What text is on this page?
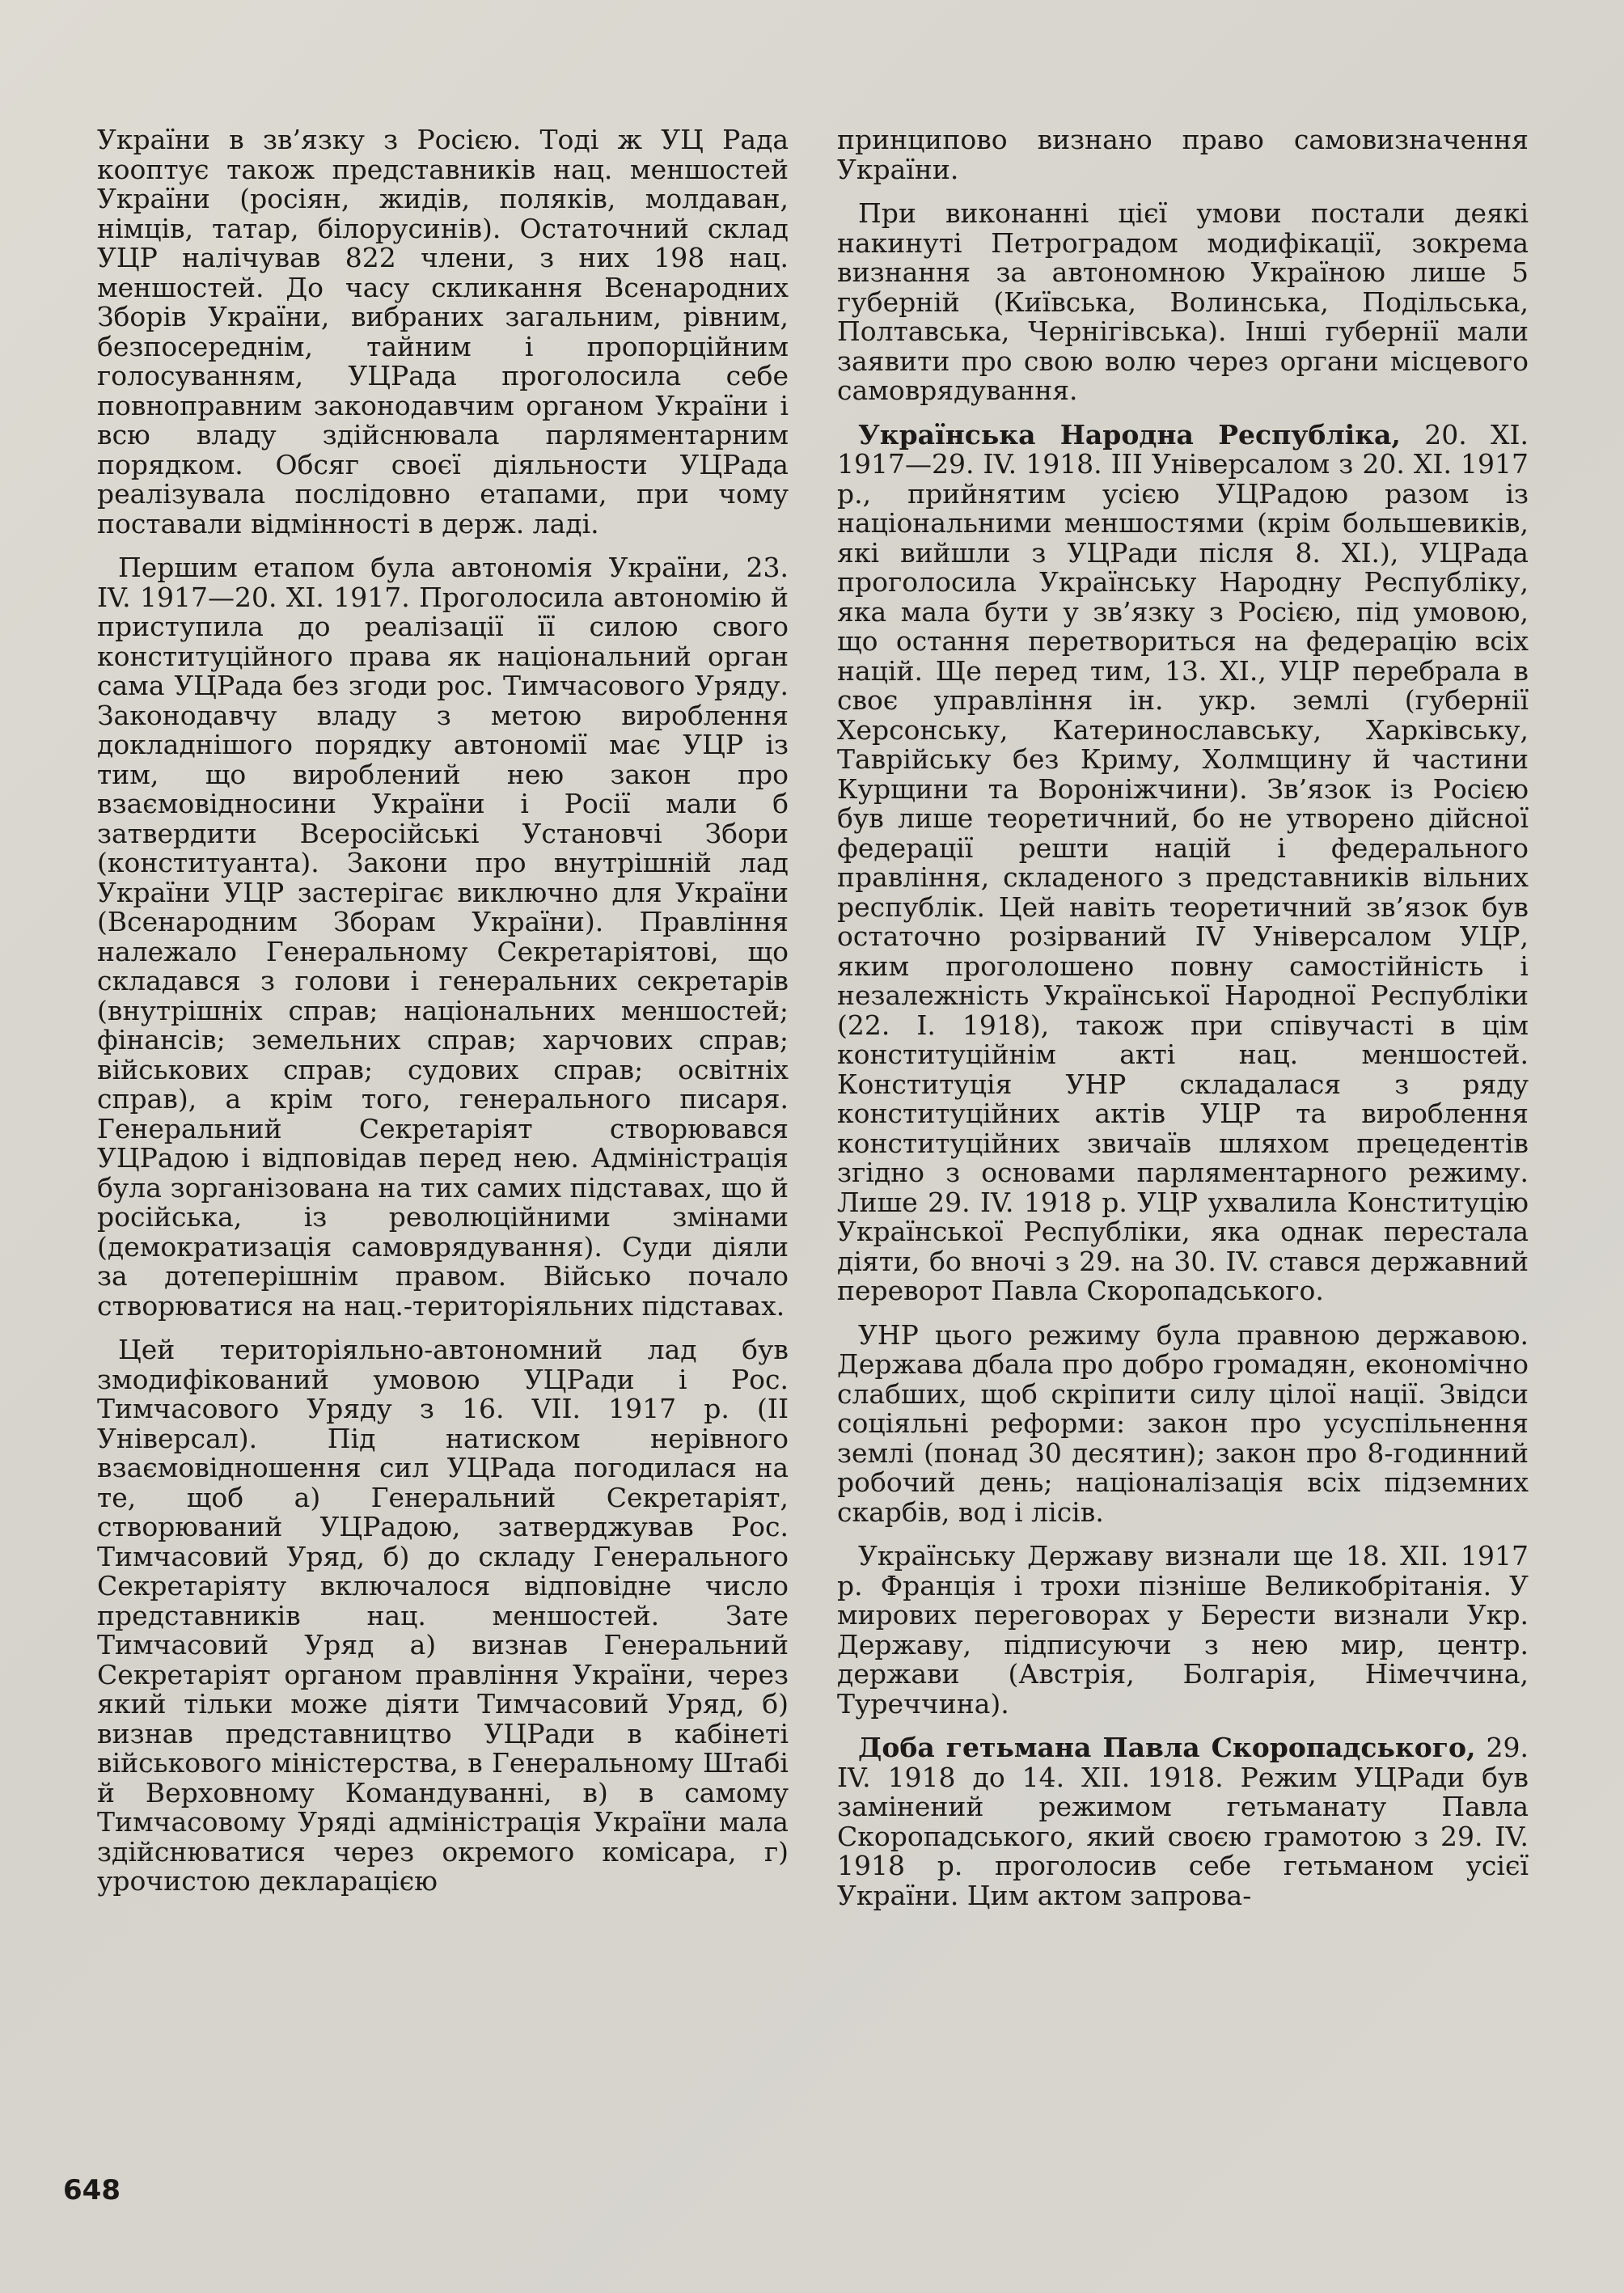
України в зв’язку з Росією. Тоді ж УЦ Рада кооптує також представників нац. меншостей України (росіян, жидів, поляків, молдаван, німців, татар, білорусинів). Остаточний склад УЦР налічував 822 члени, з них 198 нац. меншостей. До часу скликання Всенародних Зборів України, вибраних загальним, рівним, безпосереднім, тайним і пропорційним голосуванням, УЦРада проголосила себе повноправним законодавчим органом України і всю владу здійснювала парляментарним порядком. Обсяг своєї діяльности УЦРада реалізувала послідовно етапами, при чому поставали відмінності в держ. ладі.

Першим етапом була автономія України, 23. IV. 1917—20. XI. 1917. Проголосила автономію й приступила до реалізації її силою свого конституційного права як національний орган сама УЦРада без згоди рос. Тимчасового Уряду. Законодавчу владу з метою вироблення докладнішого порядку автономії має УЦР із тим, що вироблений нею закон про взаємовідносини України і Росії мали б затвердити Всеросійські Установчі Збори (конституанта). Закони про внутрішній лад України УЦР застерігає виключно для України (Всенародним Зборам України). Правління належало Генеральному Секретаріятові, що складався з голови і генеральних секретарів (внутрішніх справ; національних меншостей; фінансів; земельних справ; харчових справ; військових справ; судових справ; освітніх справ), а крім того, генерального писаря. Генеральний Секретаріят створювався УЦРадою і відповідав перед нею. Адміністрація була зорганізована на тих самих підставах, що й російська, із революційними змінами (демократизація самоврядування). Суди діяли за дотеперішнім правом. Військо почало створюватися на нац.-територіяльних підставах.

Цей територіяльно-автономний лад був змодифікований умовою УЦРади і Рос. Тимчасового Уряду з 16. VII. 1917 р. (II Універсал). Під натиском нерівного взаємовідношення сил УЦРада погодилася на те, щоб а) Генеральний Секретаріят, створюваний УЦРадою, затверджував Рос. Тимчасовий Уряд, б) до складу Генерального Секретаріяту включалося відповідне число представників нац. меншостей. Зате Тимчасовий Уряд а) визнав Генеральний Секретаріят органом правління України, через який тільки може діяти Тимчасовий Уряд, б) визнав представництво УЦРади в кабінеті військового міністерства, в Генеральному Штабі й Верховному Командуванні, в) в самому Тимчасовому Уряді адміністрація України мала здійснюватися через окремого комісара, г) урочистою декларацією

принципово визнано право самовизначення України.

При виконанні цієї умови постали деякі накинуті Петроградом модифікації, зокрема визнання за автономною Україною лише 5 губерній (Київська, Волинська, Подільська, Полтавська, Чернігівська). Інші губернії мали заявити про свою волю через органи місцевого самоврядування.

Українська Народна Республіка, 20. XI. 1917—29. IV. 1918. III Універсалом з 20. XI. 1917 р., прийнятим усією УЦРадою разом із національними меншостями (крім большевиків, які вийшли з УЦРади після 8. XI.), УЦРада проголосила Українську Народну Республіку, яка мала бути у зв’язку з Росією, під умовою, що остання перетвориться на федерацію всіх націй. Ще перед тим, 13. XI., УЦР перебрала в своє управління ін. укр. землі (губернії Херсонську, Катеринославську, Харківську, Таврійську без Криму, Холмщину й частини Курщини та Вороніжчини). Зв’язок із Росією був лише теоретичний, бо не утворено дійсної федерації решти націй і федерального правління, складеного з представників вільних республік. Цей навіть теоретичний зв’язок був остаточно розірваний IV Універсалом УЦР, яким проголошено повну самостійність і незалежність Української Народної Республіки (22. I. 1918), також при співучасті в цім конституційнім акті нац. меншостей. Конституція УНР складалася з ряду конституційних актів УЦР та вироблення конституційних звичаїв шляхом прецедентів згідно з основами парляментарного режиму. Лише 29. IV. 1918 р. УЦР ухвалила Конституцію Української Республіки, яка однак перестала діяти, бо вночі з 29. на 30. IV. стався державний переворот Павла Скоропадського.

УНР цього режиму була правною державою. Держава дбала про добро громадян, економічно слабших, щоб скріпити силу цілої нації. Звідси соціяльні реформи: закон про усуспільнення землі (понад 30 десятин); закон про 8-годинний робочий день; націоналізація всіх підземних скарбів, вод і лісів.

Українську Державу визнали ще 18. XII. 1917 р. Франція і трохи пізніше Великобрітанія. У мирових переговорах у Берести визнали Укр. Державу, підписуючи з нею мир, центр. держави (Австрія, Болгарія, Німеччина, Туреччина).

Доба гетьмана Павла Скоропадського, 29. IV. 1918 до 14. XII. 1918. Режим УЦРади був замінений режимом гетьманату Павла Скоропадського, який своєю грамотою з 29. IV. 1918 р. проголосив себе гетьманом усієї України. Цим актом запрова-

648
